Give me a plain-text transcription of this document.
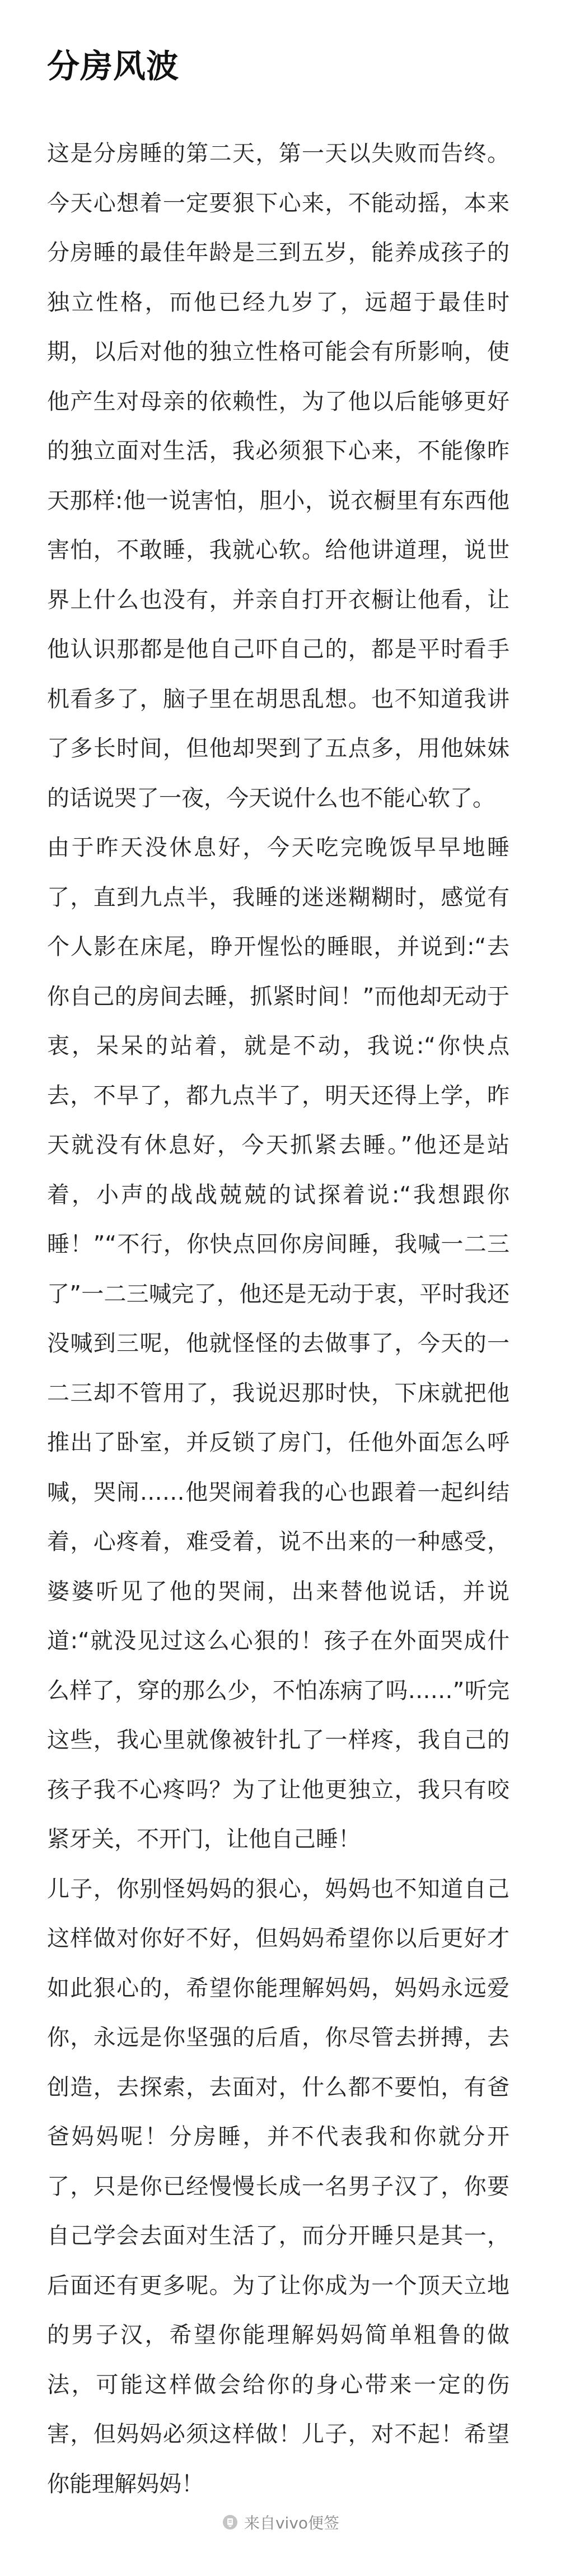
分房风波

这是分房睡的第二天，第一天以失败而告终。今天心想着一定要狠下心来，不能动摇，本来分房睡的最佳年龄是三到五岁，能养成孩子的独立性格，而他已经九岁了，远超于最佳时期，以后对他的独立性格可能会有所影响，使他产生对母亲的依赖性，为了他以后能够更好的独立面对生活，我必须狠下心来，不能像昨天那样:他一说害怕，胆小，说衣橱里有东西他害怕，不敢睡，我就心软。给他讲道理，说世界上什么也没有，并亲自打开衣橱让他看，让他认识那都是他自己吓自己的，都是平时看手机看多了，脑子里在胡思乱想。也不知道我讲了多长时间，但他却哭到了五点多，用他妹妹的话说哭了一夜，今天说什么也不能心软了。

由于昨天没休息好，今天吃完晚饭早早地睡了，直到九点半，我睡的迷迷糊糊时，感觉有个人影在床尾，睁开惺忪的睡眼，并说到:“去你自己的房间去睡，抓紧时间！”而他却无动于衷，呆呆的站着，就是不动，我说:“你快点去，不早了，都九点半了，明天还得上学，昨天就没有休息好，今天抓紧去睡。”他还是站着，小声的战战兢兢的试探着说:“我想跟你睡！”“不行，你快点回你房间睡，我喊一二三了”一二三喊完了，他还是无动于衷，平时我还没喊到三呢，他就怪怪的去做事了，今天的一二三却不管用了，我说迟那时快，下床就把他推出了卧室，并反锁了房门，任他外面怎么呼喊，哭闹……他哭闹着我的心也跟着一起纠结着，心疼着，难受着，说不出来的一种感受，婆婆听见了他的哭闹，出来替他说话，并说道:“就没见过这么心狠的！孩子在外面哭成什么样了，穿的那么少，不怕冻病了吗……”听完这些，我心里就像被针扎了一样疼，我自己的孩子我不心疼吗？为了让他更独立，我只有咬紧牙关，不开门，让他自己睡！

儿子，你别怪妈妈的狠心，妈妈也不知道自己这样做对你好不好，但妈妈希望你以后更好才如此狠心的，希望你能理解妈妈，妈妈永远爱你，永远是你坚强的后盾，你尽管去拼搏，去创造，去探索，去面对，什么都不要怕，有爸爸妈妈呢！分房睡，并不代表我和你就分开了，只是你已经慢慢长成一名男子汉了，你要自己学会去面对生活了，而分开睡只是其一，后面还有更多呢。为了让你成为一个顶天立地的男子汉，希望你能理解妈妈简单粗鲁的做法，可能这样做会给你的身心带来一定的伤害，但妈妈必须这样做！儿子，对不起！希望你能理解妈妈！

来自vivo便签
